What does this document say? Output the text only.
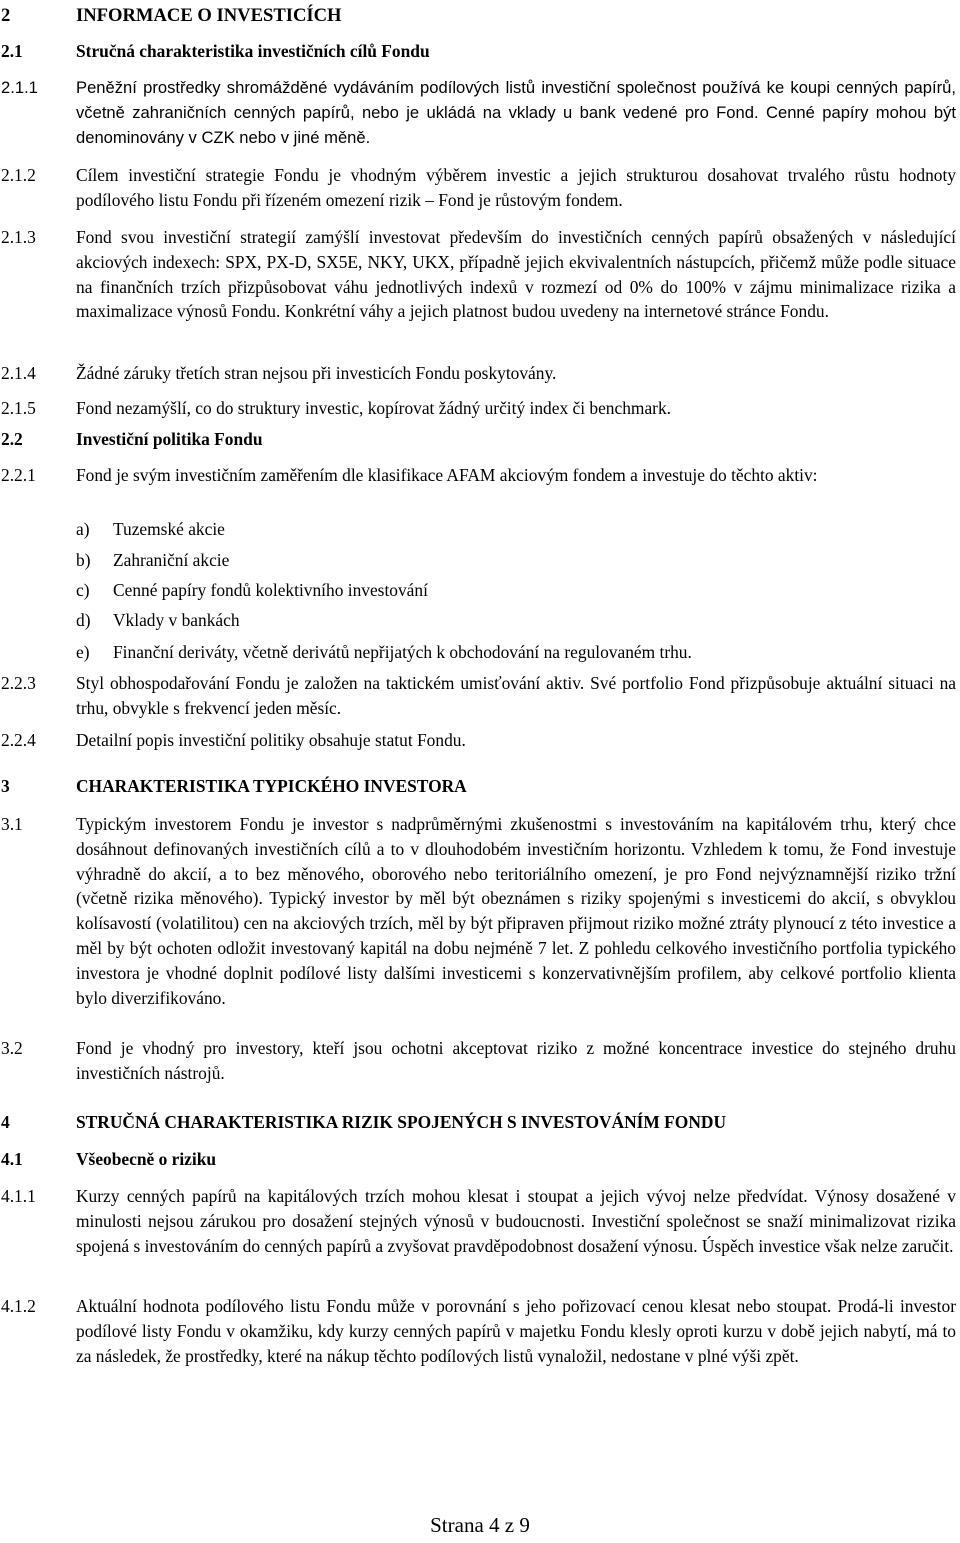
2	INFORMACE O INVESTICÍCH
2.1	Stručná charakteristika investičních cílů Fondu
2.1.1	Peněžní prostředky shromážděné vydáváním podílových listů investiční společnost používá ke koupi cenných papírů, včetně zahraničních cenných papírů, nebo je ukládá na vklady u bank vedené pro Fond. Cenné papíry mohou být denominovány v CZK nebo v jiné měně.
2.1.2	Cílem investiční strategie Fondu je vhodným výběrem investic a jejich strukturou dosahovat trvalého růstu hodnoty podílového listu Fondu při řízeném omezení rizik – Fond je růstovým fondem.
2.1.3	Fond svou investiční strategií zamýšlí investovat především do investičních cenných papírů obsažených v následující akciových indexech: SPX, PX-D, SX5E, NKY, UKX, případně jejich ekvivalentních nástupcích, přičemž může podle situace na finančních trzích přizpůsobovat váhu jednotlivých indexů v rozmezí od 0% do 100% v zájmu minimalizace rizika a maximalizace výnosů Fondu. Konkrétní váhy a jejich platnost budou uvedeny na internetové stránce Fondu.
2.1.4	Žádné záruky třetích stran nejsou při investicích Fondu poskytovány.
2.1.5	Fond nezamýšlí, co do struktury investic, kopírovat žádný určitý index či benchmark.
2.2	Investiční politika Fondu
2.2.1	Fond je svým investičním zaměřením dle klasifikace AFAM akciovým fondem a investuje do těchto aktiv:
a)	Tuzemské akcie
b)	Zahraniční akcie
c)	Cenné papíry fondů kolektivního investování
d)	Vklady v bankách
e)	Finanční deriváty, včetně derivátů nepřijatých k obchodování na regulovaném trhu.
2.2.3	Styl obhospodařování Fondu je založen na taktickém umisťování aktiv. Své portfolio Fond přizpůsobuje aktuální situaci na trhu, obvykle s frekvencí jeden měsíc.
2.2.4	Detailní popis investiční politiky obsahuje statut Fondu.
3	CHARAKTERISTIKA TYPICKÉHO INVESTORA
3.1	Typickým investorem Fondu je investor s nadprůměrnými zkušenostmi s investováním na kapitálovém trhu, který chce dosáhnout definovaných investičních cílů a to v dlouhodobém investičním horizontu. Vzhledem k tomu, že Fond investuje výhradně do akcií, a to bez měnového, oborového nebo teritoriálního omezení, je pro Fond nejvýznamnější riziko tržní (včetně rizika měnového). Typický investor by měl být obeznámen s riziky spojenými s investicemi do akcií, s obvyklou kolísavostí (volatilitou) cen na akciových trzích, měl by být připraven přijmout riziko možné ztráty plynoucí z této investice a měl by být ochoten odložit investovaný kapitál na dobu nejméně 7 let. Z pohledu celkového investičního portfolia typického investora je vhodné doplnit podílové listy dalšími investicemi s konzervativnějším profilem, aby celkové portfolio klienta bylo diverzifikováno.
3.2	Fond je vhodný pro investory, kteří jsou ochotni akceptovat riziko z možné koncentrace investice do stejného druhu investičních nástrojů.
4	STRUČNÁ CHARAKTERISTIKA RIZIK SPOJENÝCH S INVESTOVÁNÍM FONDU
4.1	Všeobecně o riziku
4.1.1	Kurzy cenných papírů na kapitálových trzích mohou klesat i stoupat a jejich vývoj nelze předvídat. Výnosy dosažené v minulosti nejsou zárukou pro dosažení stejných výnosů v budoucnosti. Investiční společnost se snaží minimalizovat rizika spojená s investováním do cenných papírů a zvyšovat pravděpodobnost dosažení výnosu. Úspěch investice však nelze zaručit.
4.1.2	Aktuální hodnota podílového listu Fondu může v porovnání s jeho pořizovací cenou klesat nebo stoupat. Prodá-li investor podílové listy Fondu v okamžiku, kdy kurzy cenných papírů v majetku Fondu klesly oproti kurzu v době jejich nabytí, má to za následek, že prostředky, které na nákup těchto podílových listů vynaložil, nedostane v plné výši zpět.
Strana 4 z 9
